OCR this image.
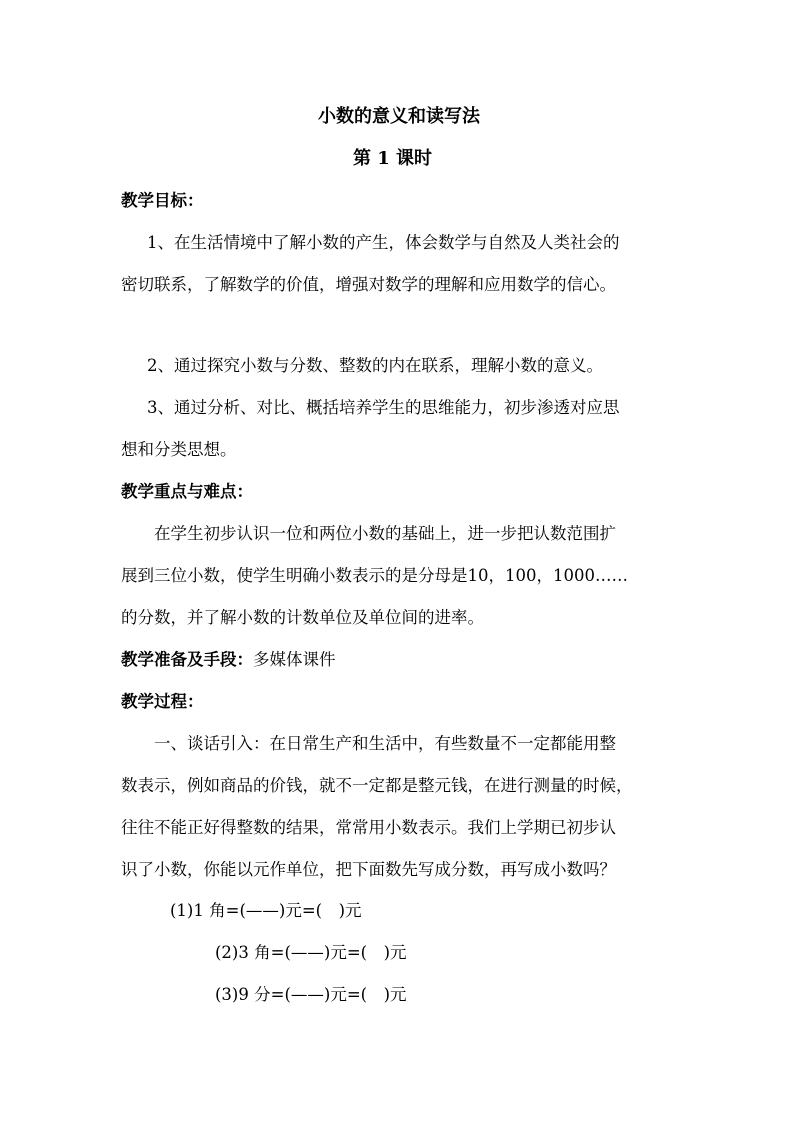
小数的意义和读写法
第 1 课时
教学目标：
1、在生活情境中了解小数的产生，体会数学与自然及人类社会的
密切联系，了解数学的价值，增强对数学的理解和应用数学的信心。
2、通过探究小数与分数、整数的内在联系，理解小数的意义。
3、通过分析、对比、概括培养学生的思维能力，初步渗透对应思
想和分类思想。
教学重点与难点：
在学生初步认识一位和两位小数的基础上，进一步把认数范围扩
展到三位小数，使学生明确小数表示的是分母是10，100，1000……
的分数，并了解小数的计数单位及单位间的进率。
教学准备及手段：多媒体课件
教学过程：
一、谈话引入：在日常生产和生活中，有些数量不一定都能用整
数表示，例如商品的价钱，就不一定都是整元钱，在进行测量的时候，
往往不能正好得整数的结果，常常用小数表示。我们上学期已初步认
识了小数，你能以元作单位，把下面数先写成分数，再写成小数吗？
(1)1 角=(——)元=(　)元
(2)3 角=(——)元=(　)元
(3)9 分=(——)元=(　)元
